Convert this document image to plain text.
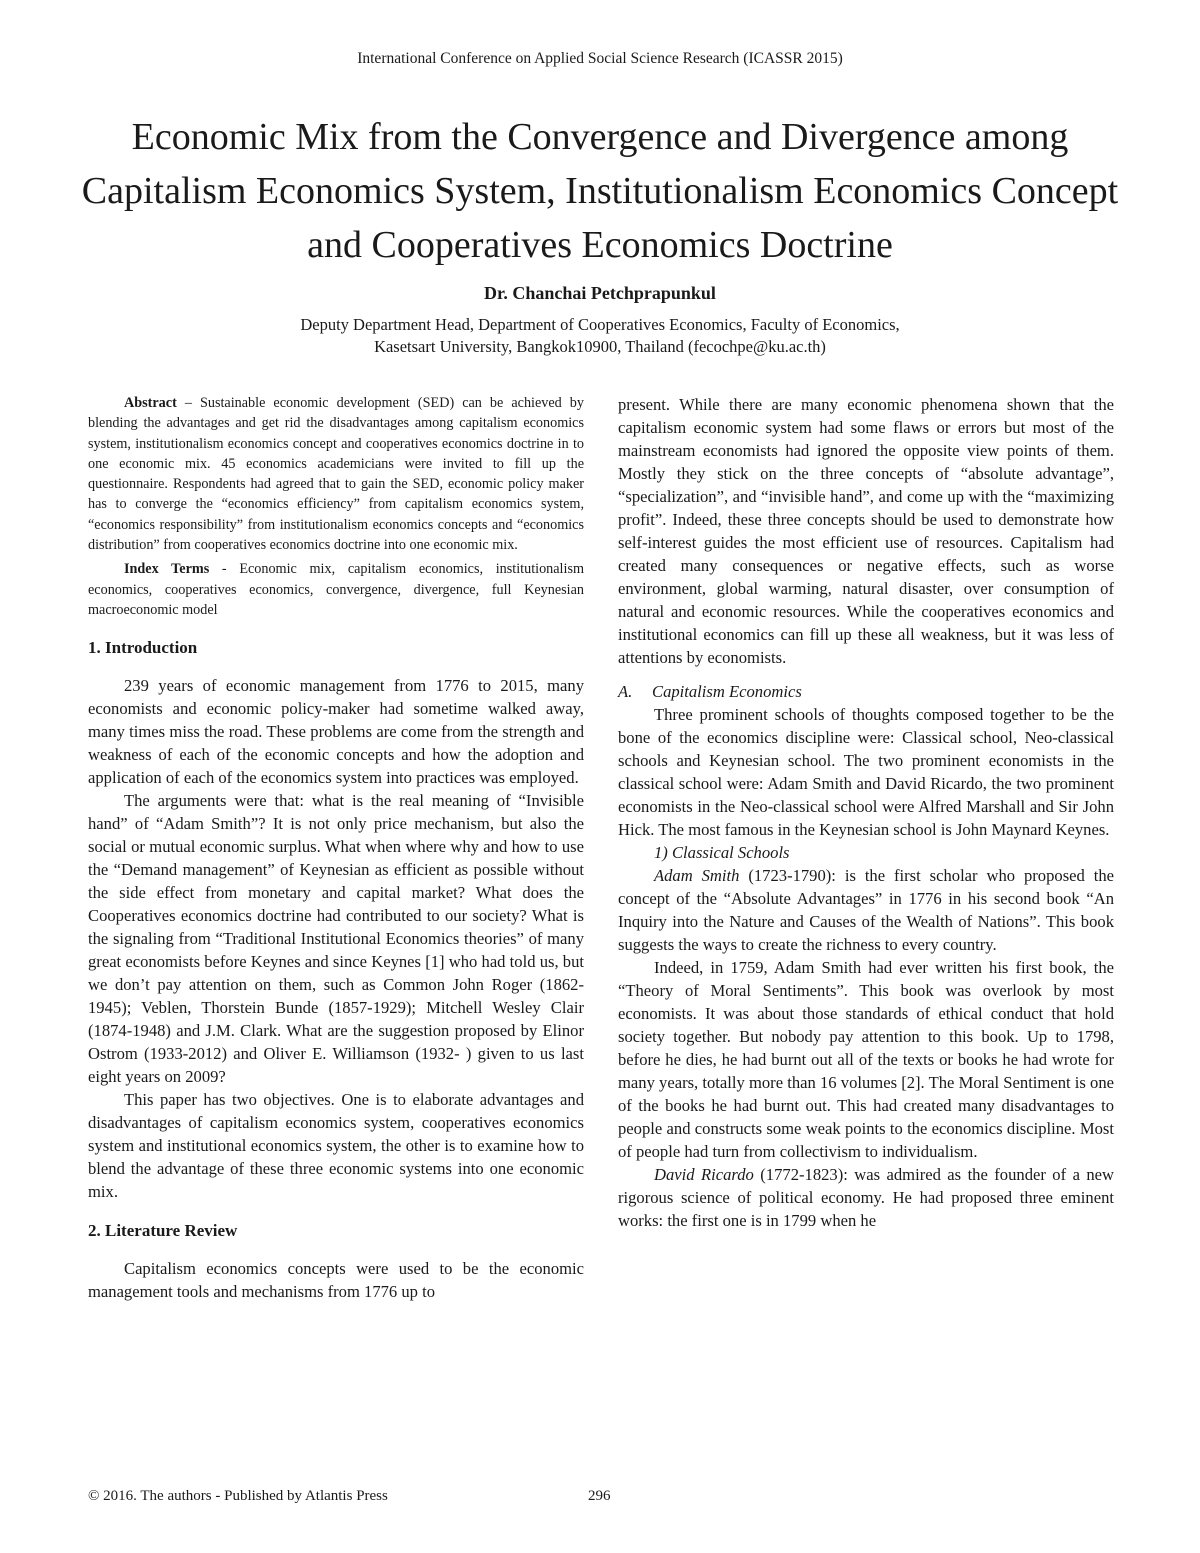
International Conference on Applied Social Science Research (ICASSR 2015)
Economic Mix from the Convergence and Divergence among Capitalism Economics System, Institutionalism Economics Concept and Cooperatives Economics Doctrine
Dr. Chanchai Petchprapunkul
Deputy Department Head, Department of Cooperatives Economics, Faculty of Economics,
Kasetsart University, Bangkok10900, Thailand (fecochpe@ku.ac.th)

Abstract – Sustainable economic development (SED) can be achieved by blending the advantages and get rid the disadvantages among capitalism economics system, institutionalism economics concept and cooperatives economics doctrine in to one economic mix. 45 economics academicians were invited to fill up the questionnaire. Respondents had agreed that to gain the SED, economic policy maker has to converge the “economics efficiency” from capitalism economics system, “economics responsibility” from institutionalism economics concepts and “economics distribution” from cooperatives economics doctrine into one economic mix.

Index Terms - Economic mix, capitalism economics, institutionalism economics, cooperatives economics, convergence, divergence, full Keynesian macroeconomic model

1. Introduction

239 years of economic management from 1776 to 2015, many economists and economic policy-maker had sometime walked away, many times miss the road. These problems are come from the strength and weakness of each of the economic concepts and how the adoption and application of each of the economics system into practices was employed.

The arguments were that: what is the real meaning of “Invisible hand” of “Adam Smith”? It is not only price mechanism, but also the social or mutual economic surplus. What when where why and how to use the “Demand management” of Keynesian as efficient as possible without the side effect from monetary and capital market? What does the Cooperatives economics doctrine had contributed to our society? What is the signaling from “Traditional Institutional Economics theories” of many great economists before Keynes and since Keynes [1] who had told us, but we don’t pay attention on them, such as Common John Roger (1862-1945); Veblen, Thorstein Bunde (1857-1929); Mitchell Wesley Clair (1874-1948) and J.M. Clark. What are the suggestion proposed by Elinor Ostrom (1933-2012) and Oliver E. Williamson (1932- ) given to us last eight years on 2009?

This paper has two objectives. One is to elaborate advantages and disadvantages of capitalism economics system, cooperatives economics system and institutional economics system, the other is to examine how to blend the advantage of these three economic systems into one economic mix.

2. Literature Review

Capitalism economics concepts were used to be the economic management tools and mechanisms from 1776 up to

present. While there are many economic phenomena shown that the capitalism economic system had some flaws or errors but most of the mainstream economists had ignored the opposite view points of them. Mostly they stick on the three concepts of “absolute advantage”, “specialization”, and “invisible hand”, and come up with the “maximizing profit”. Indeed, these three concepts should be used to demonstrate how self-interest guides the most efficient use of resources. Capitalism had created many consequences or negative effects, such as worse environment, global warming, natural disaster, over consumption of natural and economic resources. While the cooperatives economics and institutional economics can fill up these all weakness, but it was less of attentions by economists.

A. Capitalism Economics

Three prominent schools of thoughts composed together to be the bone of the economics discipline were: Classical school, Neo-classical schools and Keynesian school. The two prominent economists in the classical school were: Adam Smith and David Ricardo, the two prominent economists in the Neo-classical school were Alfred Marshall and Sir John Hick. The most famous in the Keynesian school is John Maynard Keynes.

1) Classical Schools

Adam Smith (1723-1790): is the first scholar who proposed the concept of the “Absolute Advantages” in 1776 in his second book “An Inquiry into the Nature and Causes of the Wealth of Nations”. This book suggests the ways to create the richness to every country.

Indeed, in 1759, Adam Smith had ever written his first book, the “Theory of Moral Sentiments”. This book was overlook by most economists. It was about those standards of ethical conduct that hold society together. But nobody pay attention to this book. Up to 1798, before he dies, he had burnt out all of the texts or books he had wrote for many years, totally more than 16 volumes [2]. The Moral Sentiment is one of the books he had burnt out. This had created many disadvantages to people and constructs some weak points to the economics discipline. Most of people had turn from collectivism to individualism.

David Ricardo (1772-1823): was admired as the founder of a new rigorous science of political economy. He had proposed three eminent works: the first one is in 1799 when he

© 2016. The authors - Published by Atlantis Press	296
